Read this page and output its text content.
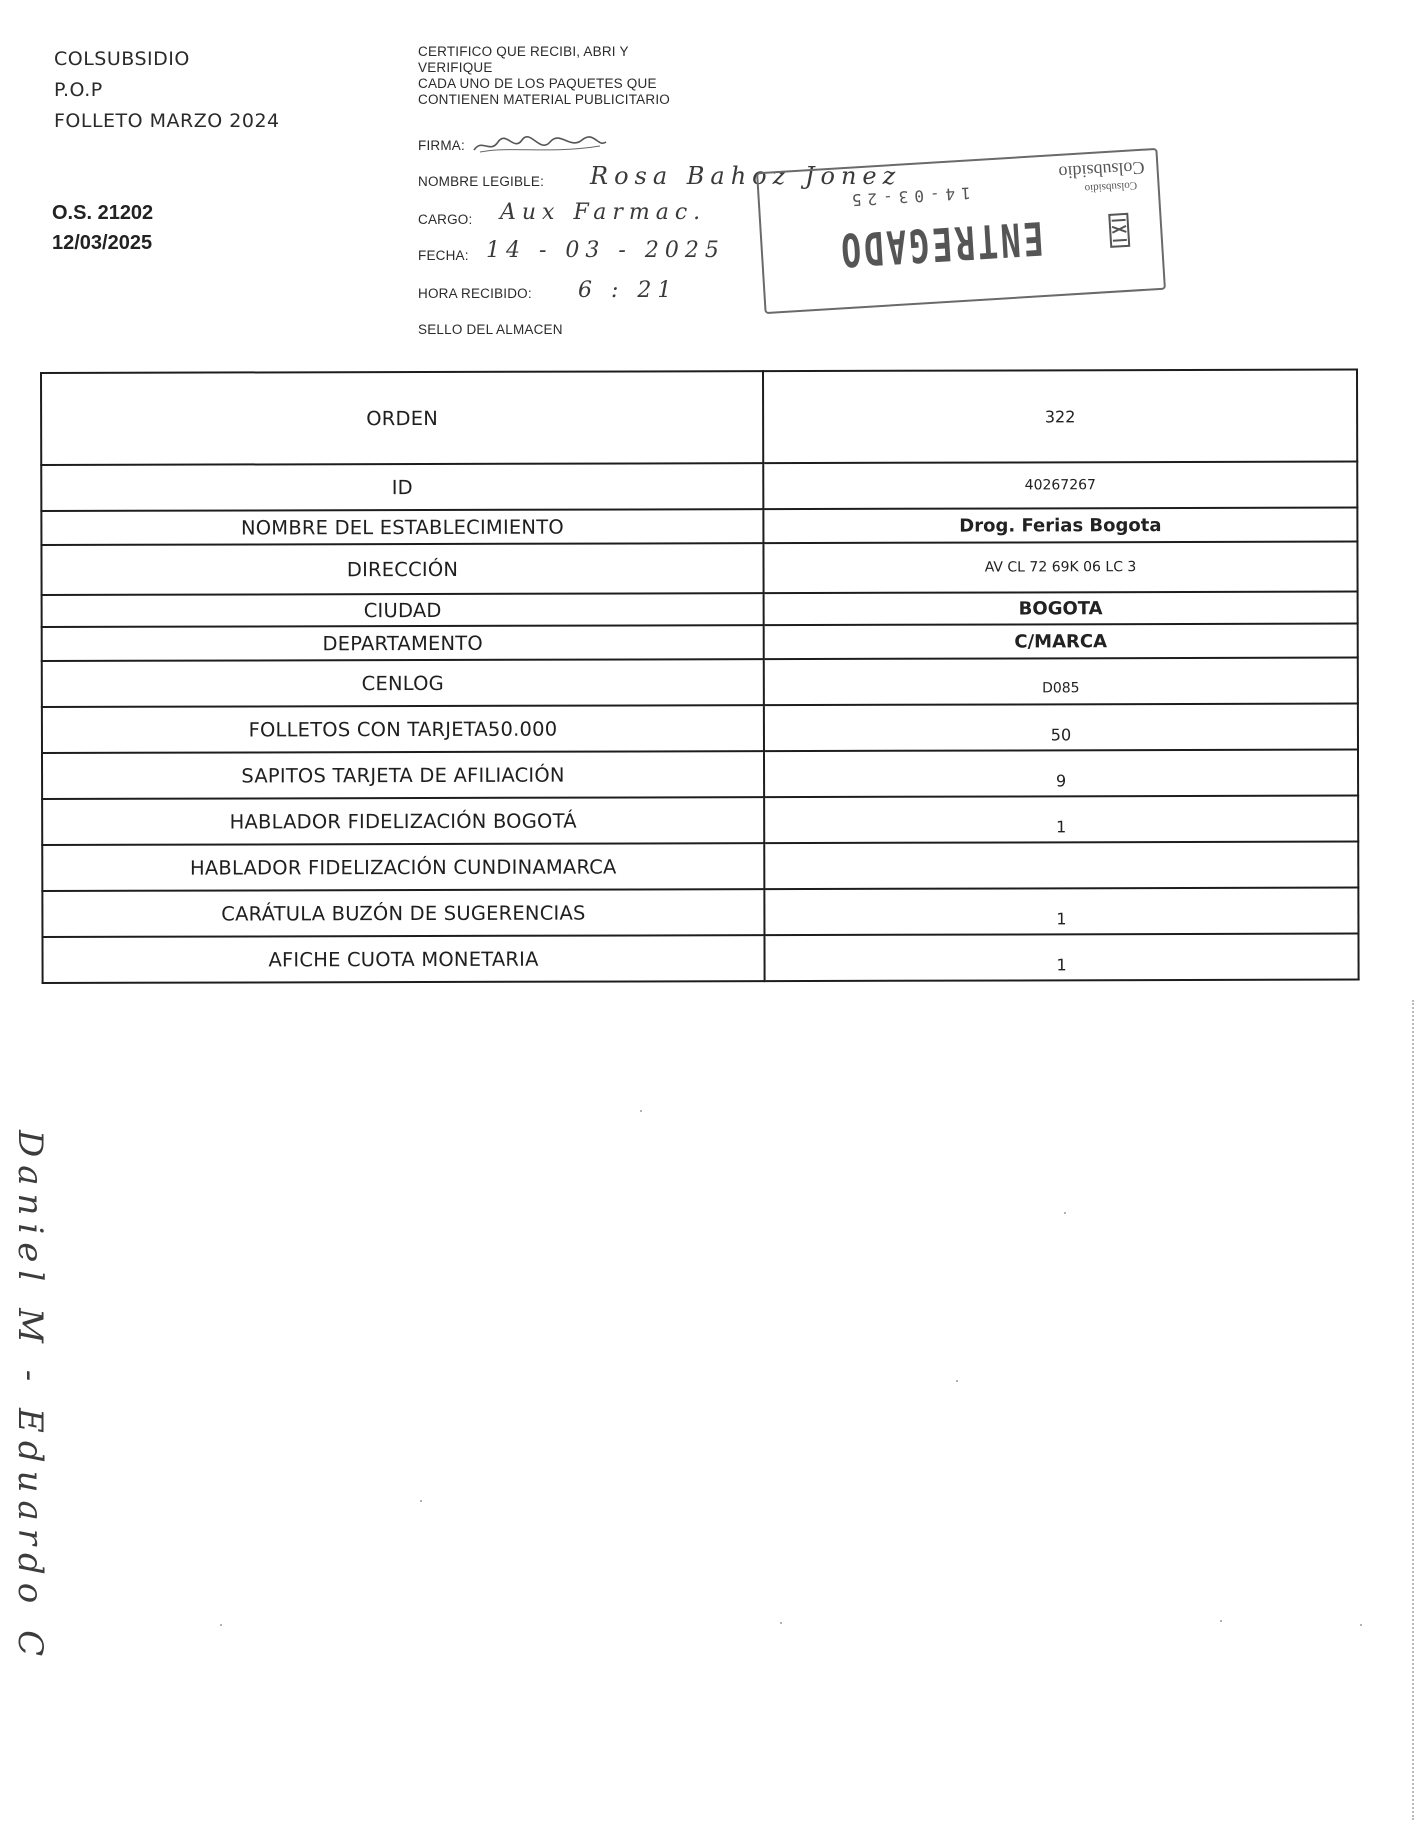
COLSUBSIDIO
P.O.P
FOLLETO MARZO 2024
O.S. 21202
12/03/2025
CERTIFICO QUE RECIBI, ABRI Y
VERIFIQUE
CADA UNO DE LOS PAQUETES QUE
CONTIENEN MATERIAL PUBLICITARIO
FIRMA:
NOMBRE LEGIBLE: Rosa Bahoz Jonez
CARGO: Aux Farmac.
FECHA: 14 - 03 - 2025
HORA RECIBIDO: 6 : 21
SELLO DEL ALMACEN
Colsubsidio
Colsubsidio
14-03-25
ENTREGADO
ORDEN	322
ID	40267267
NOMBRE DEL ESTABLECIMIENTO	Drog. Ferias Bogota
DIRECCIÓN	AV CL 72 69K 06 LC 3
CIUDAD	BOGOTA
DEPARTAMENTO	C/MARCA
CENLOG	D085
FOLLETOS CON TARJETA50.000	50
SAPITOS TARJETA DE AFILIACIÓN	9
HABLADOR FIDELIZACIÓN BOGOTÁ	1
HABLADOR FIDELIZACIÓN CUNDINAMARCA	
CARÁTULA BUZÓN DE SUGERENCIAS	1
AFICHE CUOTA MONETARIA	1
Daniel M - Eduardo C
